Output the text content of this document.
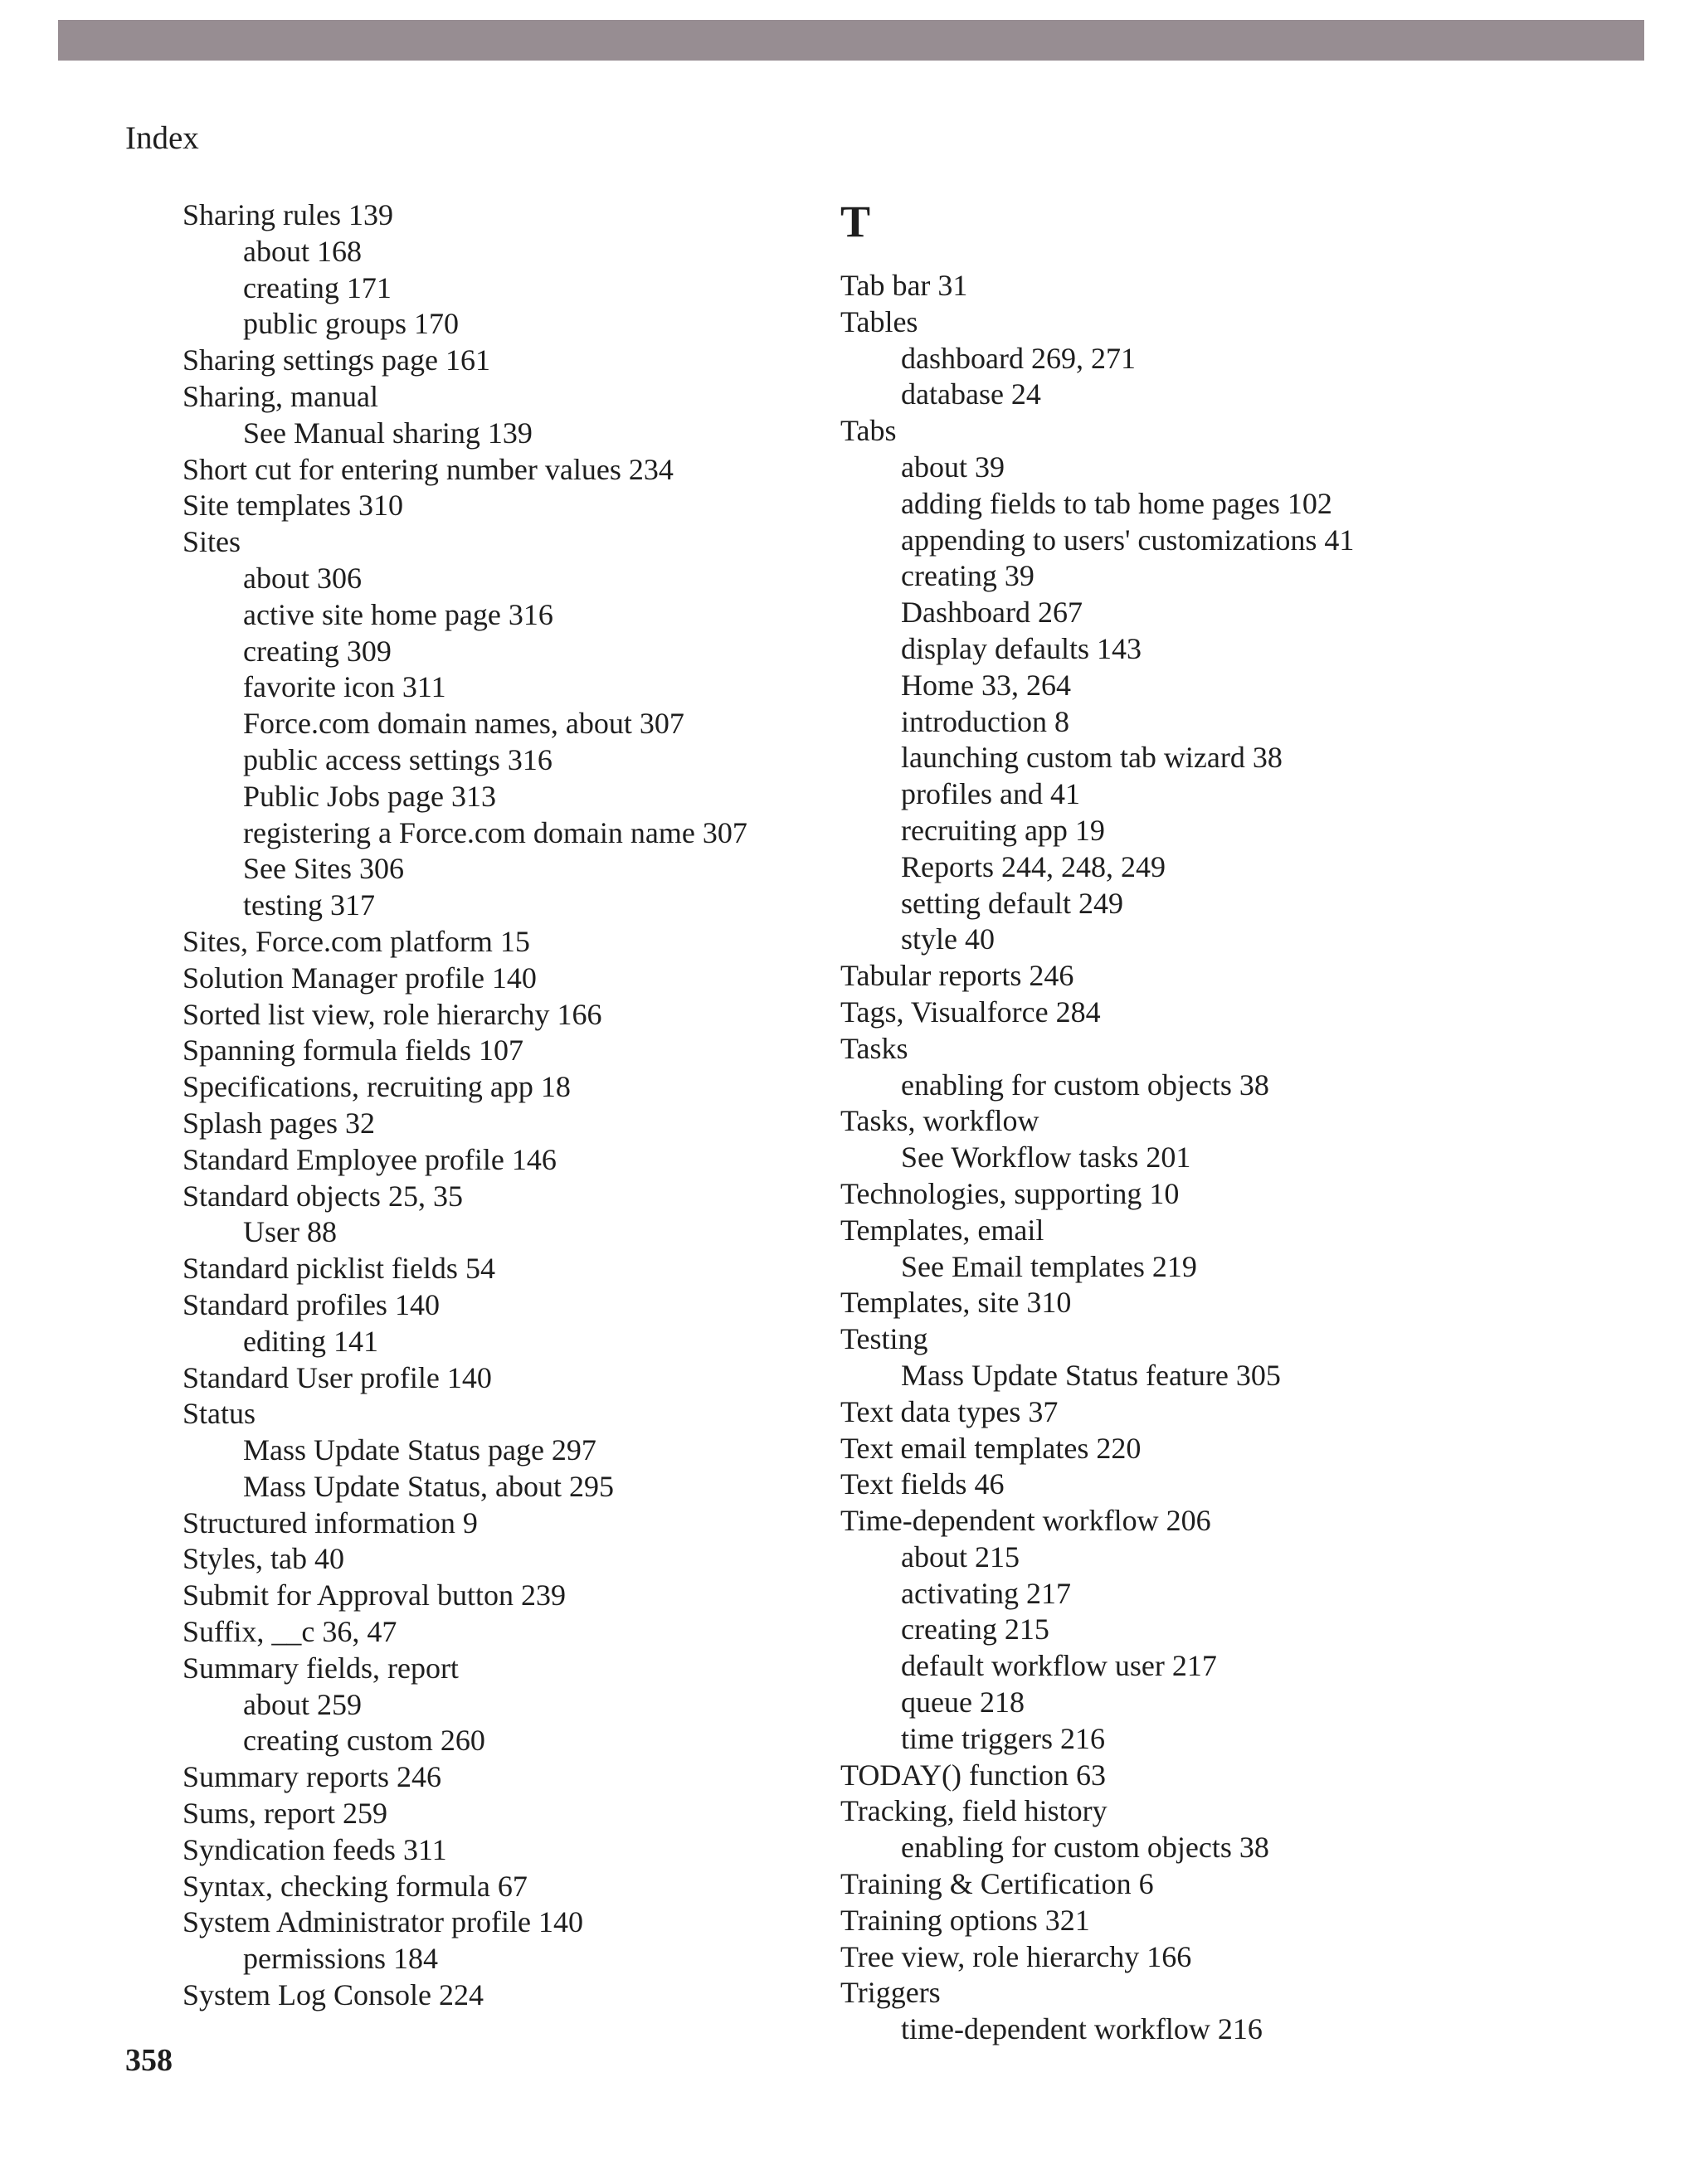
Index
Sharing rules 139
about 168
creating 171
public groups 170
Sharing settings page 161
Sharing, manual
See Manual sharing 139
Short cut for entering number values 234
Site templates 310
Sites
about 306
active site home page 316
creating 309
favorite icon 311
Force.com domain names, about 307
public access settings 316
Public Jobs page 313
registering a Force.com domain name 307
See Sites 306
testing 317
Sites, Force.com platform 15
Solution Manager profile 140
Sorted list view, role hierarchy 166
Spanning formula fields 107
Specifications, recruiting app 18
Splash pages 32
Standard Employee profile 146
Standard objects 25, 35
User 88
Standard picklist fields 54
Standard profiles 140
editing 141
Standard User profile 140
Status
Mass Update Status page 297
Mass Update Status, about 295
Structured information 9
Styles, tab 40
Submit for Approval button 239
Suffix, __c 36, 47
Summary fields, report
about 259
creating custom 260
Summary reports 246
Sums, report 259
Syndication feeds 311
Syntax, checking formula 67
System Administrator profile 140
permissions 184
System Log Console 224
T
Tab bar 31
Tables
dashboard 269, 271
database 24
Tabs
about 39
adding fields to tab home pages 102
appending to users' customizations 41
creating 39
Dashboard 267
display defaults 143
Home 33, 264
introduction 8
launching custom tab wizard 38
profiles and 41
recruiting app 19
Reports 244, 248, 249
setting default 249
style 40
Tabular reports 246
Tags, Visualforce 284
Tasks
enabling for custom objects 38
Tasks, workflow
See Workflow tasks 201
Technologies, supporting 10
Templates, email
See Email templates 219
Templates, site 310
Testing
Mass Update Status feature 305
Text data types 37
Text email templates 220
Text fields 46
Time-dependent workflow 206
about 215
activating 217
creating 215
default workflow user 217
queue 218
time triggers 216
TODAY() function 63
Tracking, field history
enabling for custom objects 38
Training & Certification 6
Training options 321
Tree view, role hierarchy 166
Triggers
time-dependent workflow 216
358
